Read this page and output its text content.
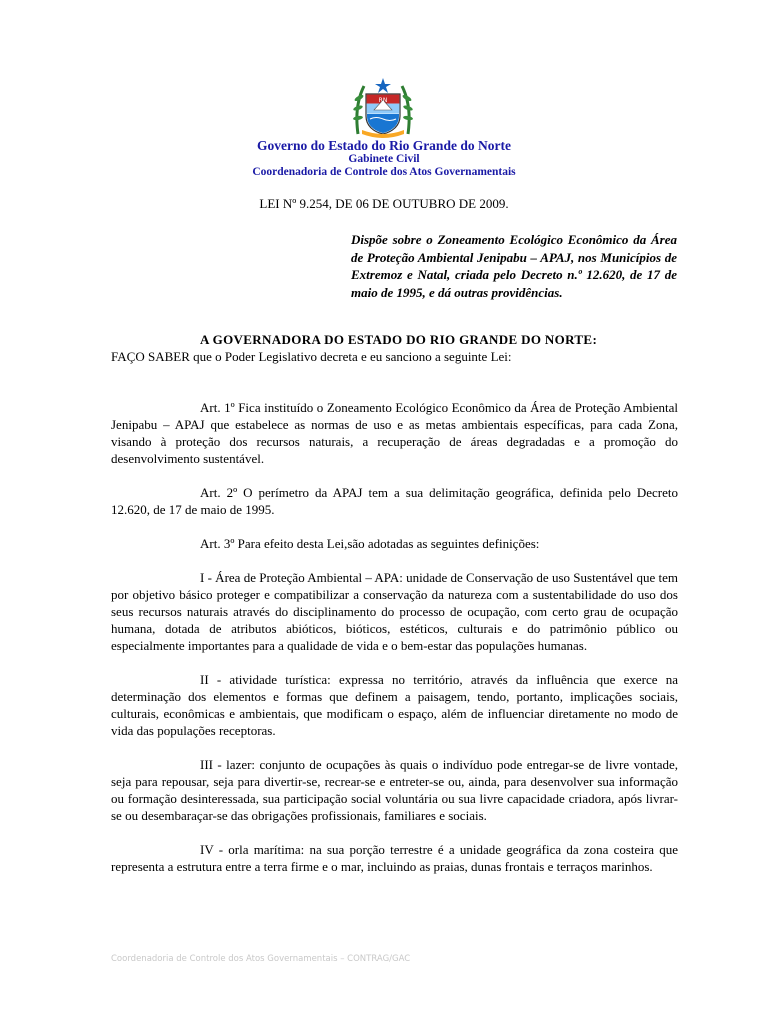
RN
Governo do Estado do Rio Grande do Norte
Gabinete Civil
Coordenadoria de Controle dos Atos Governamentais
LEI Nº 9.254, DE 06 DE OUTUBRO DE 2009.
Dispõe sobre o Zoneamento Ecológico Econômico da Área de Proteção Ambiental Jenipabu – APAJ, nos Municípios de Extremoz e Natal, criada pelo Decreto n.º 12.620, de 17 de maio de 1995, e dá outras providências.

A GOVERNADORA DO ESTADO DO RIO GRANDE DO NORTE:

FAÇO SABER que o Poder Legislativo decreta e eu sanciono a seguinte Lei:

Art. 1º Fica instituído o Zoneamento Ecológico Econômico da Área de Proteção Ambiental Jenipabu – APAJ que estabelece as normas de uso e as metas ambientais específicas, para cada Zona, visando à proteção dos recursos naturais, a recuperação de áreas degradadas e a promoção do desenvolvimento sustentável.

Art. 2º O perímetro da APAJ tem a sua delimitação geográfica, definida pelo Decreto 12.620, de 17 de maio de 1995.

Art. 3º Para efeito desta Lei,são adotadas as seguintes definições:

I - Área de Proteção Ambiental – APA: unidade de Conservação de uso Sustentável que tem por objetivo básico proteger e compatibilizar a conservação da natureza com a sustentabilidade do uso dos seus recursos naturais através do disciplinamento do processo de ocupação, com certo grau de ocupação humana, dotada de atributos abióticos, bióticos, estéticos, culturais e do patrimônio público ou especialmente importantes para a qualidade de vida e o bem-estar das populações humanas.

II - atividade turística: expressa no território, através da influência que exerce na determinação dos elementos e formas que definem a paisagem, tendo, portanto, implicações sociais, culturais, econômicas e ambientais, que modificam o espaço, além de influenciar diretamente no modo de vida das populações receptoras.

III - lazer: conjunto de ocupações às quais o indivíduo pode entregar-se de livre vontade, seja para repousar, seja para divertir-se, recrear-se e entreter-se ou, ainda, para desenvolver sua informação ou formação desinteressada, sua participação social voluntária ou sua livre capacidade criadora, após livrar-se ou desembaraçar-se das obrigações profissionais, familiares e sociais.

IV - orla marítima: na sua porção terrestre é a unidade geográfica da zona costeira que representa a estrutura entre a terra firme e o mar, incluindo as praias, dunas frontais e terraços marinhos.

Coordenadoria de Controle dos Atos Governamentais – CONTRAG/GAC
